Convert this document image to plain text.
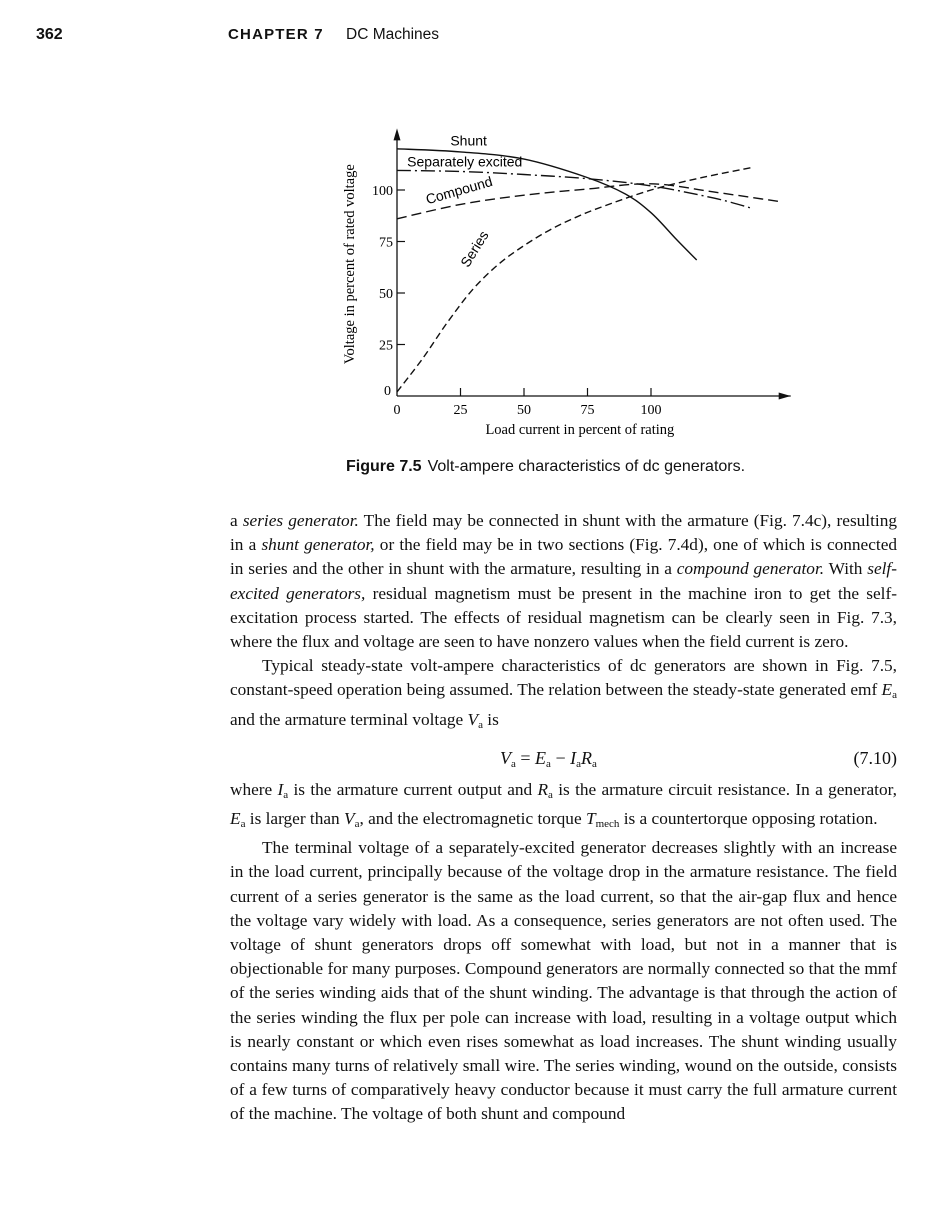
362	CHAPTER 7 DC Machines
0	25	50	75	100
0
25
50
75
100
Load current in percent of rating
Voltage in percent of rated voltage
Shunt
Separately excited
Compound
Series
Figure 7.5 Volt-ampere characteristics of dc generators.

a series generator. The field may be connected in shunt with the armature (Fig. 7.4c), resulting in a shunt generator, or the field may be in two sections (Fig. 7.4d), one of which is connected in series and the other in shunt with the armature, resulting in a compound generator. With self-excited generators, residual magnetism must be present in the machine iron to get the self-excitation process started. The effects of residual magnetism can be clearly seen in Fig. 7.3, where the flux and voltage are seen to have nonzero values when the field current is zero.

Typical steady-state volt-ampere characteristics of dc generators are shown in Fig. 7.5, constant-speed operation being assumed. The relation between the steady-state generated emf $E_a$ and the armature terminal voltage $V_a$ is

$V_a = E_a - I_aR_a$	(7.10)

where $I_a$ is the armature current output and $R_a$ is the armature circuit resistance. In a generator, $E_a$ is larger than $V_a$, and the electromagnetic torque $T_{mech}$ is a countertorque opposing rotation.

The terminal voltage of a separately-excited generator decreases slightly with an increase in the load current, principally because of the voltage drop in the armature resistance. The field current of a series generator is the same as the load current, so that the air-gap flux and hence the voltage vary widely with load. As a consequence, series generators are not often used. The voltage of shunt generators drops off somewhat with load, but not in a manner that is objectionable for many purposes. Compound generators are normally connected so that the mmf of the series winding aids that of the shunt winding. The advantage is that through the action of the series winding the flux per pole can increase with load, resulting in a voltage output which is nearly constant or which even rises somewhat as load increases. The shunt winding usually contains many turns of relatively small wire. The series winding, wound on the outside, consists of a few turns of comparatively heavy conductor because it must carry the full armature current of the machine. The voltage of both shunt and compound
